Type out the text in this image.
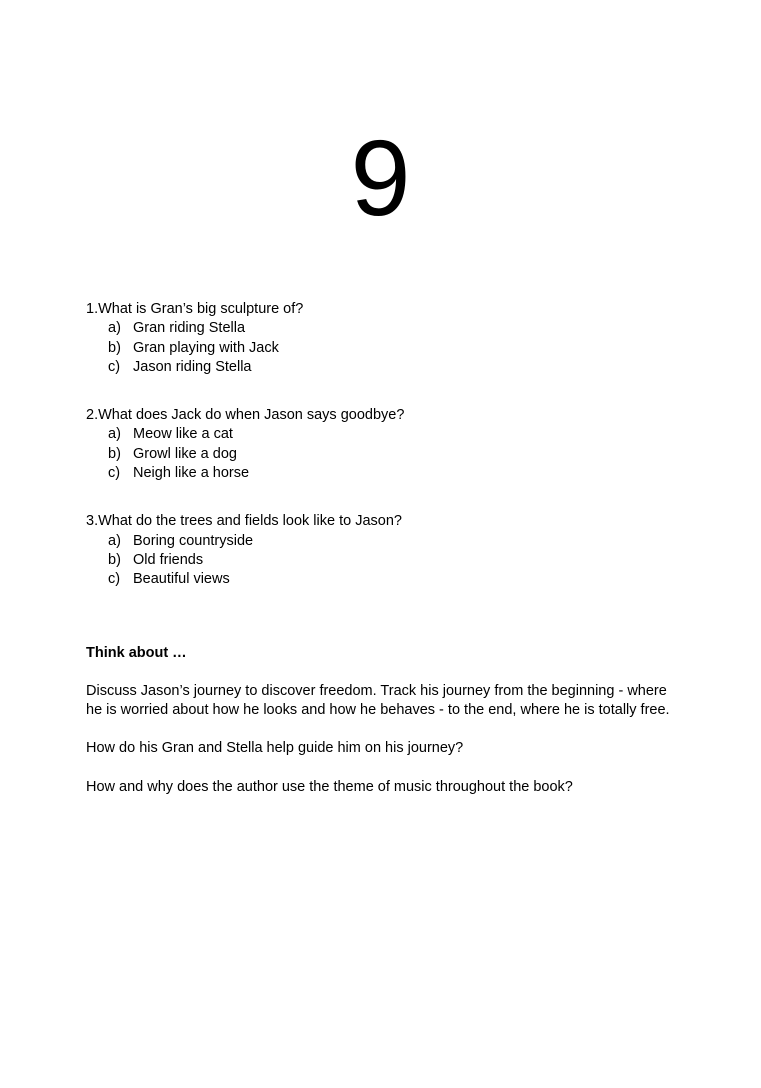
9

1.What is Gran’s big sculpture of?

a) Gran riding Stella
b) Gran playing with Jack
c) Jason riding Stella

2.What does Jack do when Jason says goodbye?

a) Meow like a cat
b) Growl like a dog
c) Neigh like a horse

3.What do the trees and fields look like to Jason?

a) Boring countryside
b) Old friends
c) Beautiful views

Think about …

Discuss Jason’s journey to discover freedom. Track his journey from the beginning - where he is worried about how he looks and how he behaves - to the end, where he is totally free.

How do his Gran and Stella help guide him on his journey?

How and why does the author use the theme of music throughout the book?
